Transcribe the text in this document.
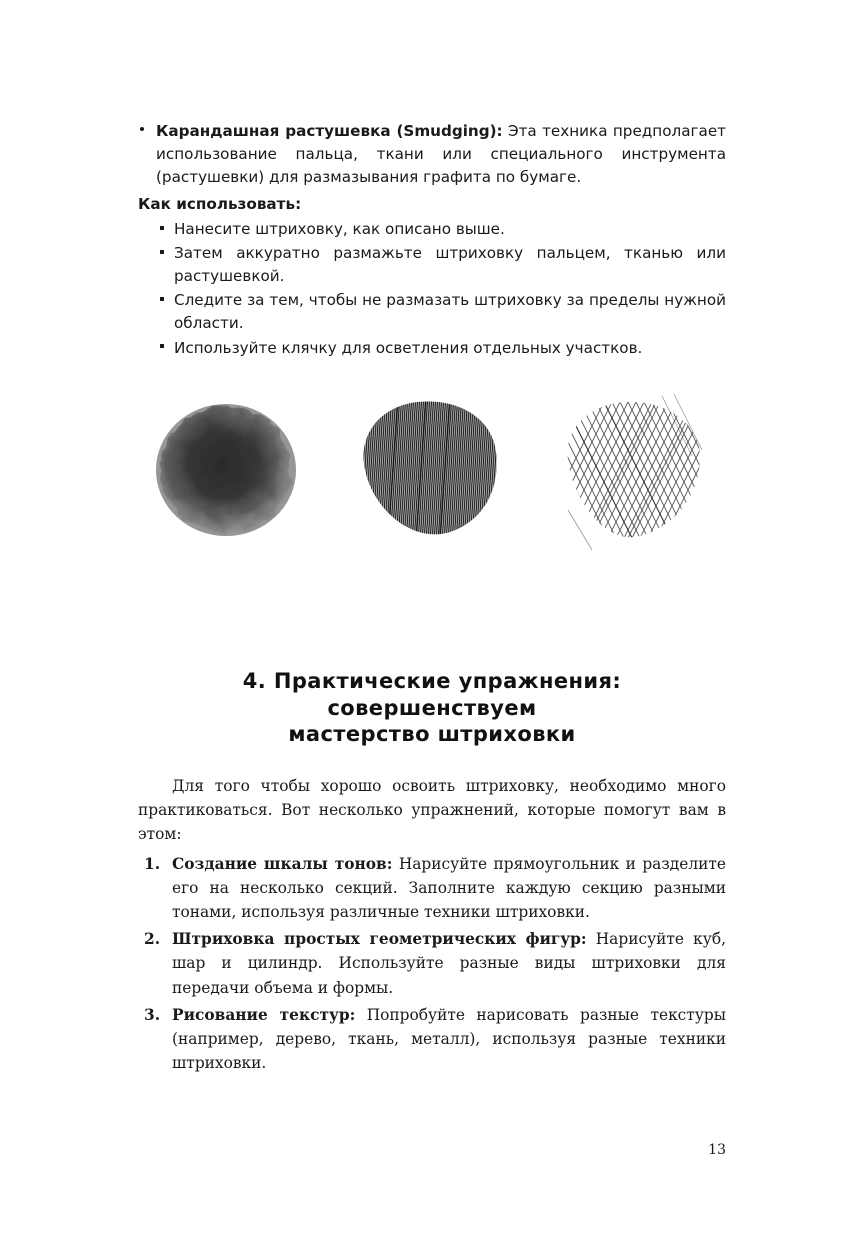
Карандашная растушевка (Smudging): Эта техника предполагает использование пальца, ткани или специального инструмента (растушевки) для размазывания графита по бумаге.
Как использовать:
Нанесите штриховку, как описано выше.
Затем аккуратно размажьте штриховку пальцем, тканью или растушевкой.
Следите за тем, чтобы не размазать штриховку за пределы нужной области.
Используйте клячку для осветления отдельных участков.
4. Практические упражнения: совершенствуем
мастерство штриховки

Для того чтобы хорошо освоить штриховку, необходимо много практиковаться. Вот несколько упражнений, которые помогут вам в этом:

1. Создание шкалы тонов: Нарисуйте прямоугольник и разделите его на несколько секций. Заполните каждую секцию разными тонами, используя различные техники штриховки.
2. Штриховка простых геометрических фигур: Нарисуйте куб, шар и цилиндр. Используйте разные виды штриховки для передачи объема и формы.
3. Рисование текстур: Попробуйте нарисовать разные текстуры (например, дерево, ткань, металл), используя разные техники штриховки.
13
